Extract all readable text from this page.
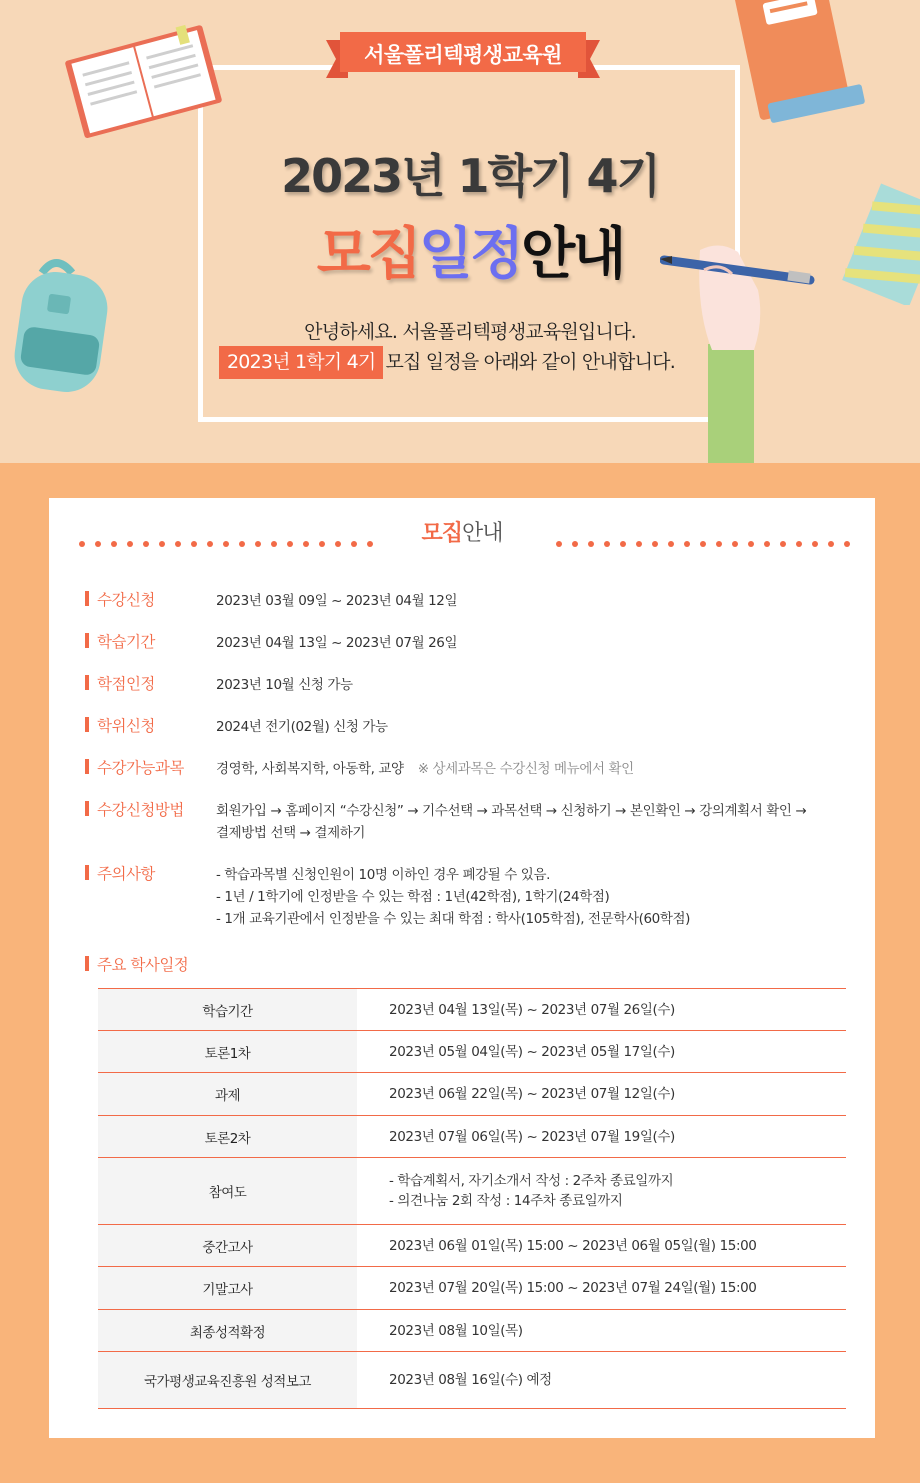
서울폴리텍평생교육원
2023년 1학기 4기
모집일정안내
안녕하세요. 서울폴리텍평생교육원입니다.
2023년 1학기 4기 모집 일정을 아래와 같이 안내합니다.
모집안내
수강신청	2023년 03월 09일 ~ 2023년 04월 12일
학습기간	2023년 04월 13일 ~ 2023년 07월 26일
학점인정	2023년 10월 신청 가능
학위신청	2024년 전기(02월) 신청 가능
수강가능과목 경영학, 사회복지학, 아동학, 교양 ※ 상세과목은 수강신청 메뉴에서 확인
수강신청방법 회원가입 → 홈페이지 “수강신청” → 기수선택 → 과목선택 → 신청하기 → 본인확인 → 강의계획서 확인 →
결제방법 선택 → 결제하기
주의사항	- 학습과목별 신청인원이 10명 이하인 경우 폐강될 수 있음.
- 1년 / 1학기에 인정받을 수 있는 학점 : 1년(42학점), 1학기(24학점)
- 1개 교육기관에서 인정받을 수 있는 최대 학점 : 학사(105학점), 전문학사(60학점)
주요 학사일정
학습기간	2023년 04월 13일(목) ~ 2023년 07월 26일(수)
토론1차	2023년 05월 04일(목) ~ 2023년 05월 17일(수)
과제	2023년 06월 22일(목) ~ 2023년 07월 12일(수)
토론2차	2023년 07월 06일(목) ~ 2023년 07월 19일(수)
참여도
- 학습계획서, 자기소개서 작성 : 2주차 종료일까지
- 의견나눔 2회 작성 : 14주차 종료일까지
중간고사	2023년 06월 01일(목) 15:00 ~ 2023년 06월 05일(월) 15:00
기말고사	2023년 07월 20일(목) 15:00 ~ 2023년 07월 24일(월) 15:00
최종성적확정	2023년 08월 10일(목)
국가평생교육진흥원 성적보고	2023년 08월 16일(수) 예정
